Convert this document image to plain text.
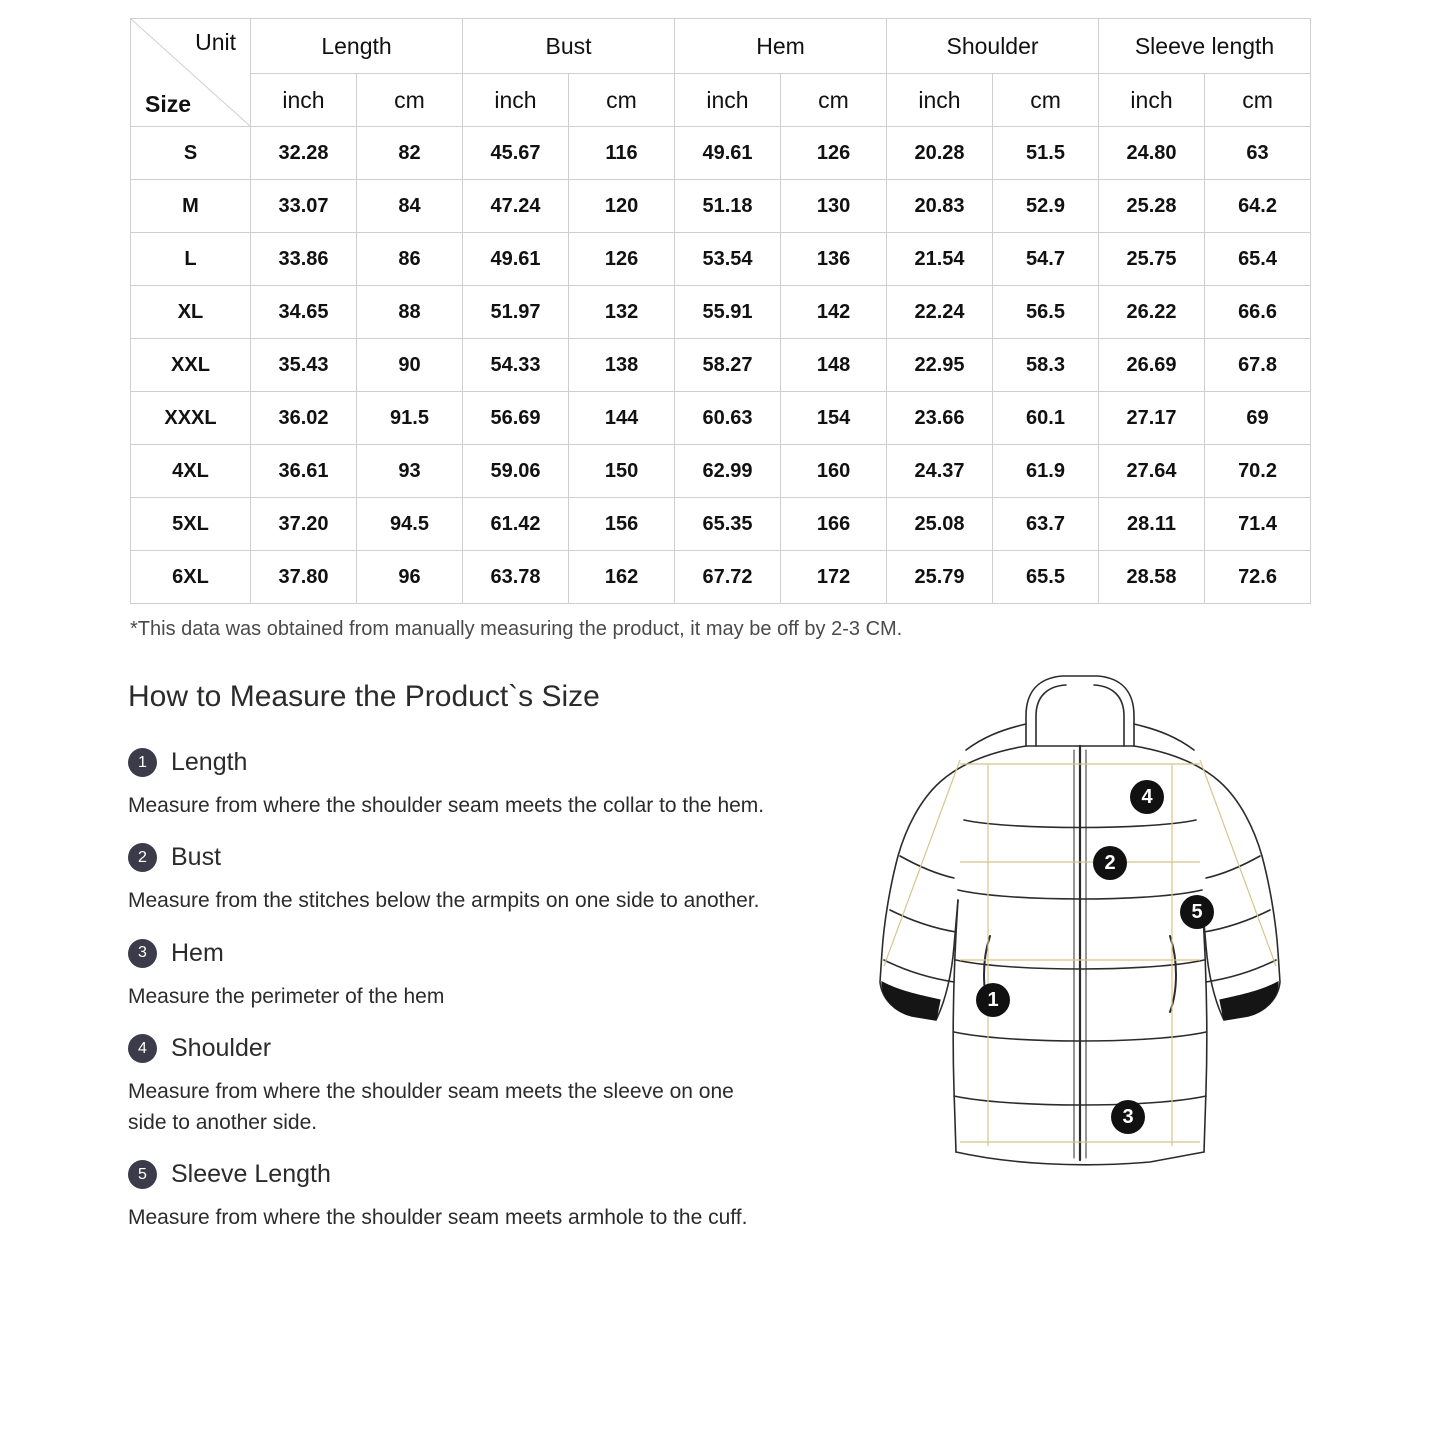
Unit
Size	Length		Bust		Hem		Shoulder		Sleeve length	
	inch	cm	inch	cm	inch	cm	inch	cm	inch	cm
S	32.28	82	45.67	116	49.61	126	20.28	51.5	24.80	63
M	33.07	84	47.24	120	51.18	130	20.83	52.9	25.28	64.2
L	33.86	86	49.61	126	53.54	136	21.54	54.7	25.75	65.4
XL	34.65	88	51.97	132	55.91	142	22.24	56.5	26.22	66.6
XXL	35.43	90	54.33	138	58.27	148	22.95	58.3	26.69	67.8
XXXL	36.02	91.5	56.69	144	60.63	154	23.66	60.1	27.17	69
4XL	36.61	93	59.06	150	62.99	160	24.37	61.9	27.64	70.2
5XL	37.20	94.5	61.42	156	65.35	166	25.08	63.7	28.11	71.4
6XL	37.80	96	63.78	162	67.72	172	25.79	65.5	28.58	72.6
*This data was obtained from manually measuring the product, it may be off by 2-3 CM.
How to Measure the Product`s Size
1 Length
Measure from where the shoulder seam meets the collar to the hem.
2 Bust
Measure from the stitches below the armpits on one side to another.
3 Hem
Measure the perimeter of the hem
4 Shoulder
Measure from where the shoulder seam meets the sleeve on one side to another side.
5 Sleeve Length
Measure from where the shoulder seam meets armhole to the cuff.
1
2
3
4
5
